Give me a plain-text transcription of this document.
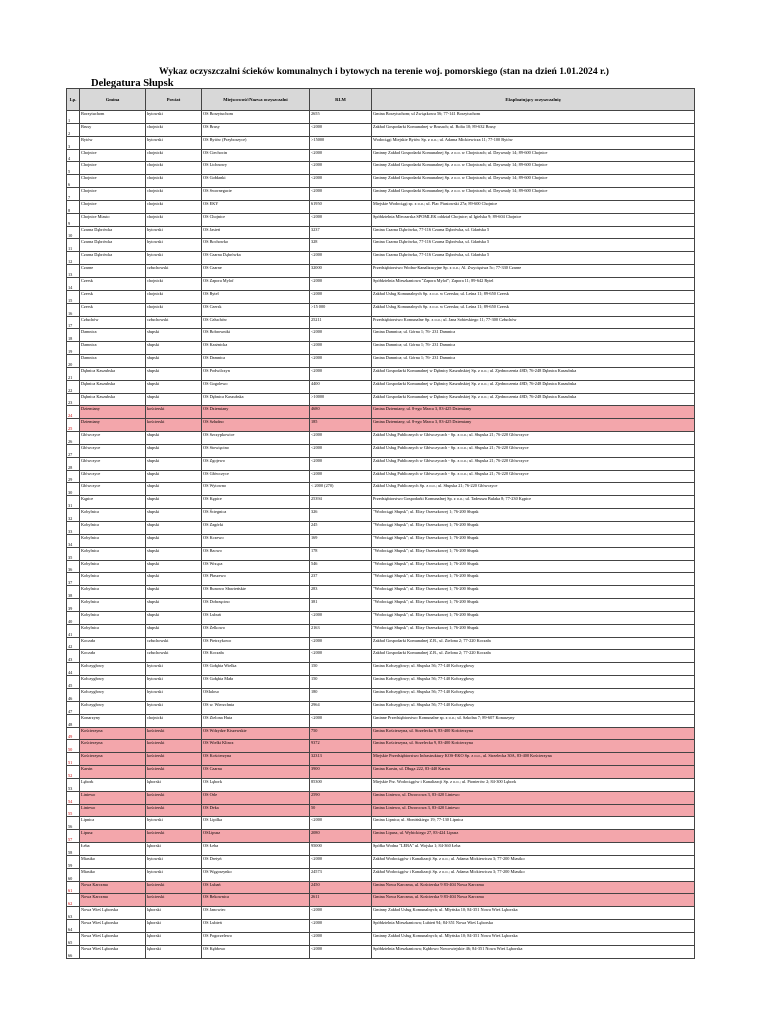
Wykaz oczyszczalni ścieków komunalnych i bytowych na terenie woj. pomorskiego (stan na dzień 1.01.2024 r.)
Delegatura Słupsk
Lp.	Gmina	Powiat	Miejscowość/Nazwa oczyszczalni	RLM	Eksploatujący oczyszczalnię
1	Borzytuchom	bytowski	OS Borzytuchom	2655	Gmina Borzytuchom; ul Związkowa 56; 77-141 Borzytuchom
2	Brusy	chojnicki	OS Brusy	<2000	Zakład Gospodarki Komunalnej w Brusach; ul. Bolta 10; 89-632 Brusy
3	Bytów	bytowski	OS Bytów (Przyborzyce)	>15000	Wodociągi Miejskie Bytów Sp. z o.o.; ul. Adama Mickiewicza 11; 77-100 Bytów
4	Chojnice	chojnicki	OS Ciechocin	<2000	Gminny Zakład Gospodarki Komunalnej Sp. z o.o. w Chojnicach; ul. Dzywnaly 14; 89-600 Chojnice
5	Chojnice	chojnicki	OS Lichnowy	<2000	Gminny Zakład Gospodarki Komunalnej Sp. z o.o. w Chojnicach; ul. Dzywnaly 14; 89-600 Chojnice
6	Chojnice	chojnicki	OS Gołdanki	<2000	Gminny Zakład Gospodarki Komunalnej Sp. z o.o. w Chojnicach; ul. Dzywnaly 14; 89-600 Chojnice
7	Chojnice	chojnicki	OS Swornegacie	<2000	Gminny Zakład Gospodarki Komunalnej Sp. z o.o. w Chojnicach; ul. Dzywnaly 14; 89-600 Chojnice
8	Chojnice	chojnicki	OS EKY	61950	Miejskie Wodociągi sp. z o.o.; ul. Plac Piastowski 27a; 89-600 Chojnice
9	Chojnice Miasto	chojnicki	OS Chojnice	<2000	Spółdzielnia Mleczarska SPOMLEK oddział Chojnice; ul Igielska 9; 89-604 Chojnice
10	Czarna Dąbrówka	bytowski	OS Jasień	3237	Gmina Czarna Dąbrówka, 77-116 Czarna Dąbrówka, ul. Gdańska 5
11	Czarna Dąbrówka	bytowski	OS Bochowko	328	Gmina Czarna Dąbrówka, 77-116 Czarna Dąbrówka, ul. Gdańska 5
12	Czarna Dąbrówka	bytowski	OS Czarna Dąbrówka	<2000	Gmina Czarna Dąbrówka, 77-116 Czarna Dąbrówka, ul. Gdańska 5
13	Czarne	człuchowski	OS Czarne	32000	Przedsiębiorstwo Wodno-Kanalizacyjne Sp. z o.o.; Al. Zwycięstwa 5c; 77-330 Czarne
14	Czersk	chojnicki	OS Zapora Mylof	<2000	Spółdzielnia Mieszkaniowa "Zapora Mylof"; Zapora 11; 89-642 Rytel
15	Czersk	chojnicki	OS Rytel	<2000	Zakład Usług Komunalnych Sp. z o.o. w Czersku; ul. Leśna 11; 89-650 Czersk
16	Czersk	chojnicki	OS Czersk	>15 000	Zakład Usług Komunalnych Sp. z o.o. w Czersku; ul. Leśna 11; 89-650 Czersk
17	Człuchów	człuchowski	OS Człuchów	25211	Przedsiębiorstwo Komunalne Sp. z o.o.; ul. Jana Sobieskiego 11; 77-300 Człuchów
18	Damnica	słupski	OS Bobrowniki	<2000	Gmina Damnica; ul. Górna 1; 76- 231 Damnica
19	Damnica	słupski	OS Karżnicka	<2000	Gmina Damnica; ul. Górna 1; 76- 231 Damnica
20	Damnica	słupski	OS Damnica	<2000	Gmina Damnica; ul. Górna 1; 76- 231 Damnica
21	Dębnica Kaszubska	słupski	OS Podwilczyn	<2000	Zakład Gospodarki Komunalnej w Dębnicy Kaszubskiej Sp. z o.o.; ul. Zjednoczenia 48D; 76-248 Dębnica Kaszubska
22	Dębnica Kaszubska	słupski	OS Gogolewo	4400	Zakład Gospodarki Komunalnej w Dębnicy Kaszubskiej Sp. z o.o.; ul. Zjednoczenia 48D; 76-248 Dębnica Kaszubska
23	Dębnica Kaszubska	słupski	OS Dębnica Kaszubska	>10000	Zakład Gospodarki Komunalnej w Dębnicy Kaszubskiej Sp. z o.o.; ul. Zjednoczenia 48D; 76-248 Dębnica Kaszubska
24	Dziemiany	kościerski	OS Dziemiany	4680	Gmina Dziemiany, ul. 8-ego Marca 3, 83-425 Dziemiany
25	Dziemiany	kościerski	OS Szludno	185	Gmina Dziemiany, ul. 8-ego Marca 3, 83-425 Dziemiany
26	Główczyce	słupski	OS Szczypkowice	<2000	Zakład Usług Publicznych w Główczycach - Sp. z o.o.; ul. Słupska 21; 76-220 Główczyce
27	Główczyce	słupski	OS Stowięcino	<2000	Zakład Usług Publicznych w Główczycach - Sp. z o.o.; ul. Słupska 21; 76-220 Główczyce
28	Główczyce	słupski	OS Zgojewo	<2000	Zakład Usług Publicznych w Główczycach - Sp. z o.o.; ul. Słupska 21; 76-220 Główczyce
29	Główczyce	słupski	OS Główczyce	<2000	Zakład Usług Publicznych w Główczycach - Sp. z o.o.; ul. Słupska 21; 76-220 Główczyce
30	Główczyce	słupski	OS Wytowno	< 2000 (270)	Zakład Usług Publicznych Sp. z o.o.; ul. Słupska 21; 76-220 Główczyce
31	Kępice	słupski	OS Kępice	25394	Przedsiębiorstwo Gospodarki Komunalnej Sp. z o.o.; ul. Tadeusza Bulaka 8; 77-230 Kępice
32	Kobylnica	słupski	OS Ściegnica	326	"Wodociągi Słupsk"; ul. Elizy Orzeszkowej 1; 76-200 Słupsk
33	Kobylnica	słupski	OS Zagórki	245	"Wodociągi Słupsk"; ul. Elizy Orzeszkowej 1; 76-200 Słupsk
34	Kobylnica	słupski	OS Kczewo	169	"Wodociągi Słupsk"; ul. Elizy Orzeszkowej 1; 76-200 Słupsk
35	Kobylnica	słupski	OS Bzowo	178	"Wodociągi Słupsk"; ul. Elizy Orzeszkowej 1; 76-200 Słupsk
36	Kobylnica	słupski	OS Wrząca	546	"Wodociągi Słupsk"; ul. Elizy Orzeszkowej 1; 76-200 Słupsk
37	Kobylnica	słupski	OS Płaszewo	237	"Wodociągi Słupsk"; ul. Elizy Orzeszkowej 1; 76-200 Słupsk
38	Kobylnica	słupski	OS Runowo Sławieńskie	283	"Wodociągi Słupsk"; ul. Elizy Orzeszkowej 1; 76-200 Słupsk
39	Kobylnica	słupski	OS Dobrzęcino	381	"Wodociągi Słupsk"; ul. Elizy Orzeszkowej 1; 76-200 Słupsk
40	Kobylnica	słupski	OS Lubuń	<2000	"Wodociągi Słupsk"; ul. Elizy Orzeszkowej 1; 76-200 Słupsk
41	Kobylnica	słupski	OS Żelkowo	2163	"Wodociągi Słupsk"; ul. Elizy Orzeszkowej 1; 76-200 Słupsk
42	Koczała	człuchowski	OS Pietrzykowo	<2000	Zakład Gospodarki Komunalnej Z.B., ul. Zielona 2; 77-220 Koczała
43	Koczała	człuchowski	OS Koczała	<2000	Zakład Gospodarki Komunalnej Z.B., ul. Zielona 2; 77-220 Koczała
44	Kołczygłowy	bytowski	OS Gołębia Wielka	150	Gmina Kołczygłowy; ul. Słupska 56; 77-140 Kołczygłowy
45	Kołczygłowy	bytowski	OS Gołębia Mała	150	Gmina Kołczygłowy; ul. Słupska 56; 77-140 Kołczygłowy
46	Kołczygłowy	bytowski	OSIaloso	180	Gmina Kołczygłowy; ul. Słupska 56; 77-140 Kołczygłowy
47	Kołczygłowy	bytowski	OS w. Wierzchnia	2964	Gmina Kołczygłowy; ul. Słupska 56; 77-140 Kołczygłowy
48	Konarzyny	chojnicki	OS Zielona Huta	<2000	Gminne Przedsiębiorstwo Komunalne sp. z o.o.; ul. Szkolna 7; 89-607 Konarzyny
49	Kościerzyna	kościerski	OS Wdzydze Kiszewskie	750	Gmina Kościerzyna, ul. Strzelecka 9, 83-400 Kościerzyna
50	Kościerzyna	kościerski	OS Wielki Klincz	9372	Gmina Kościerzyna, ul. Strzelecka 9, 83-400 Kościerzyna
51	Kościerzyna	kościerski	OS Kościerzyna	32313	Miejskie Przedsiębiorstwo Infrastruktury KOS-EKO Sp. z o.o., ul. Strzelecka 30A, 83-400 Kościerzyna
52	Karsin	kościerski	OS Czarna	3900	Gmina Karsin, ul. Długa 222, 83-440 Karsin
53	Lębork	lęborski	OS Lębork	85300	Miejskie Prz. Wodociągów i Kanalizacji Sp. z o.o.; ul. Pionierów 2; 84-300 Lębork
54	Liniewo	kościerski	OS Orle	2590	Gmina Liniewo, ul. Dworcowa 3, 83-420 Liniewo
55	Liniewo	kościerski	OS Deka	50	Gmina Liniewo, ul. Dworcowa 3, 83-420 Liniewo
56	Lipnica	bytowski	OS Lipilka	<2000	Gmina Lipnica; ul. Słonińskiego 19; 77-130 Lipnica
57	Lipusz	kościerski	OSLipusz	2080	Gmina Lipusz, ul. Wybickiego 27, 83-424 Lipusz
58	Łeba	lęborski	OS Łeba	95000	Spółka Wodna "LEBA" ul. Wojska 1; 84-360 Łeba
59	Miastko	bytowski	OS Dretyń	<2000	Zakład Wodociągów i Kanalizacji Sp. z o.o.; ul. Adama Mickiewicza 3; 77-200 Miastko
60	Miastko	bytowski	OS Węgorzynko	24573	Zakład Wodociągów i Kanalizacji Sp. z o.o.; ul. Adama Mickiewicza 3; 77-200 Miastko
61	Nowa Karczma	kościerski	OS Lubań	2450	Gmina Nowa Karczma, ul. Kościerska 9 83-404 Nowa Karczma
62	Nowa Karczma	kościerski	OS Rekownica	2611	Gmina Nowa Karczma, ul. Kościerska 9 83-404 Nowa Karczma
63	Nowa Wieś Lęborska	lęborski	OS Janowiec	<2000	Gminny Zakład Usług Komunalnych; ul. Młyńska 10; 84-351 Nowa Wieś Lęborska
64	Nowa Wieś Lęborska	lęborski	OS Lubień	<2000	Spółdzielnia Mieszkaniowa; Lubień 94; 84-351 Nowa Wieś Lęborska
65	Nowa Wieś Lęborska	lęborski	OS Pogorzelewo	<2000	Gminny Zakład Usług Komunalnych; ul. Młyńska 10; 84-351 Nowa Wieś Lęborska
66	Nowa Wieś Lęborska	lęborski	OS Kębłowo	<2000	Spółdzielnia Mieszkaniowa; Kębłowo Nowowiejskie 46; 84-351 Nowa Wieś Lęborska
